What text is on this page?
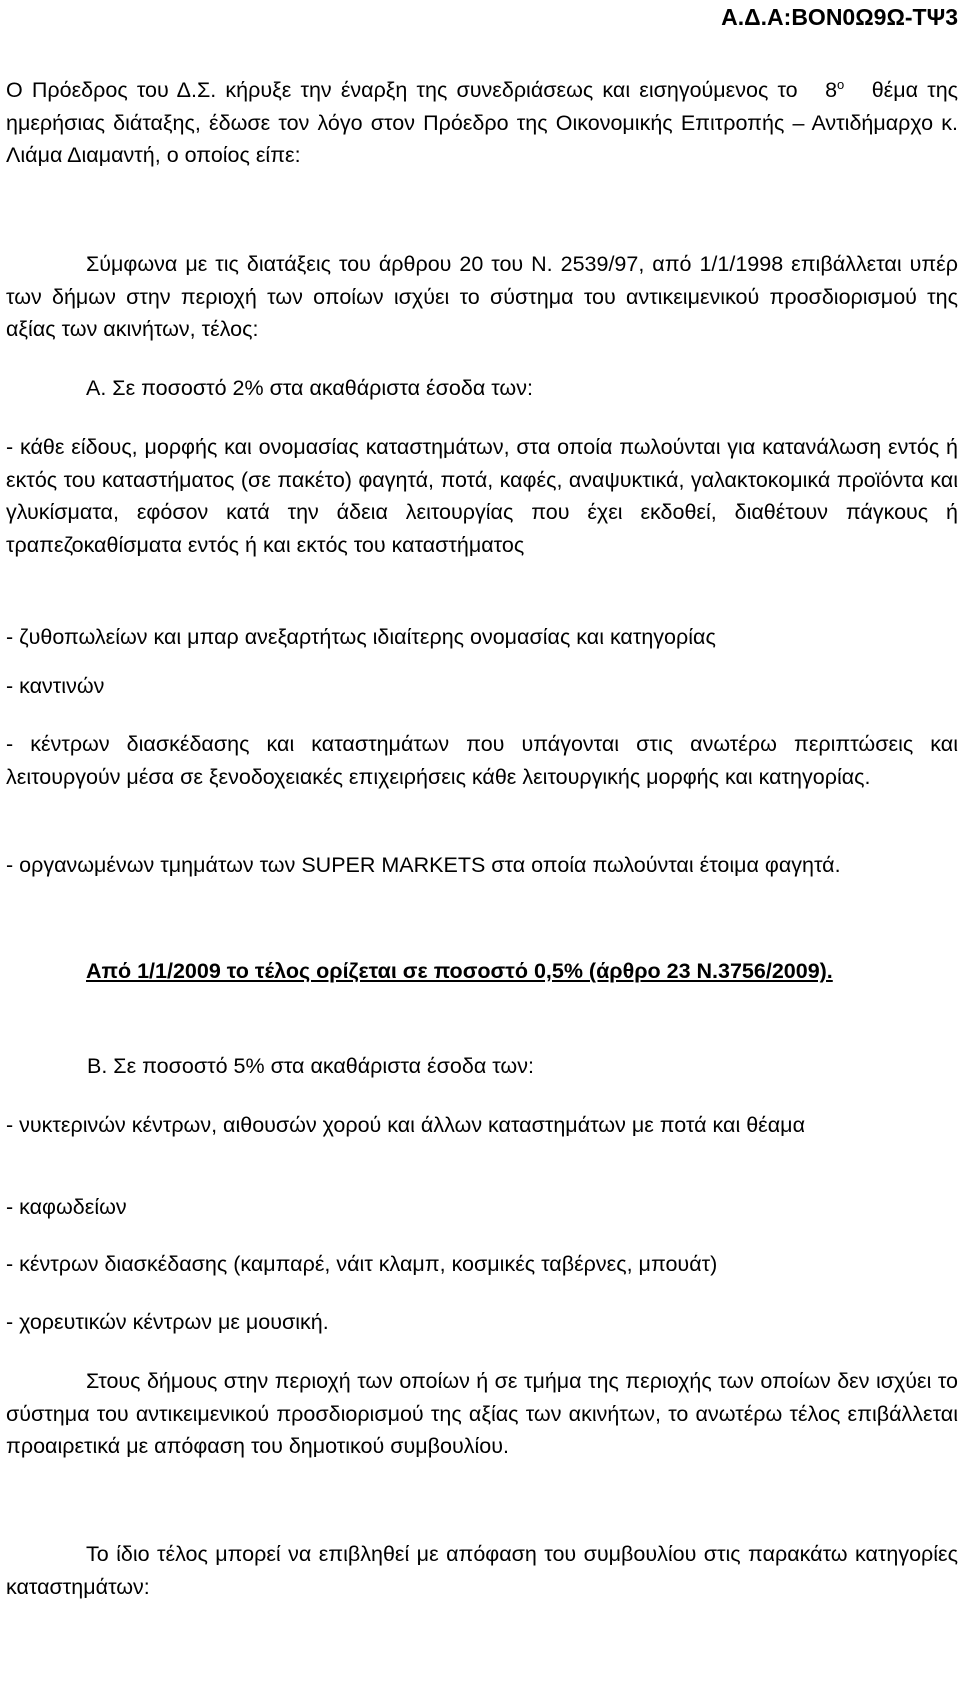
Α.Δ.Α:ΒΟΝ0Ω9Ω-ΤΨ3

Ο Πρόεδρος του Δ.Σ. κήρυξε την έναρξη της συνεδριάσεως και εισηγούμενος το $8^o$ θέμα της ημερήσιας διάταξης, έδωσε τον λόγο στον Πρόεδρο της Οικονομικής Επιτροπής – Αντιδήμαρχο κ. Λιάμα Διαμαντή, ο οποίος είπε:

Σύμφωνα με τις διατάξεις του άρθρου 20 του Ν. 2539/97, από 1/1/1998 επιβάλλεται υπέρ των δήμων στην περιοχή των οποίων ισχύει το σύστημα του αντικειμενικού προσδιορισμού της αξίας των ακινήτων, τέλος:

Α. Σε ποσοστό 2% στα ακαθάριστα έσοδα των:

- κάθε είδους, μορφής και ονομασίας καταστημάτων, στα οποία πωλούνται για κατανάλωση εντός ή εκτός του καταστήματος (σε πακέτο) φαγητά, ποτά, καφές, αναψυκτικά, γαλακτοκομικά προϊόντα και γλυκίσματα, εφόσον κατά την άδεια λειτουργίας που έχει εκδοθεί, διαθέτουν πάγκους ή τραπεζοκαθίσματα εντός ή και εκτός του καταστήματος

- ζυθοπωλείων και μπαρ ανεξαρτήτως ιδιαίτερης ονομασίας και κατηγορίας

- καντινών

- κέντρων διασκέδασης και καταστημάτων που υπάγονται στις ανωτέρω περιπτώσεις και λειτουργούν μέσα σε ξενοδοχειακές επιχειρήσεις κάθε λειτουργικής μορφής και κατηγορίας.

- οργανωμένων τμημάτων των SUPER MARKETS στα οποία πωλούνται έτοιμα φαγητά.

Από 1/1/2009 το τέλος ορίζεται σε ποσοστό 0,5% (άρθρο 23 Ν.3756/2009).

Β. Σε ποσοστό 5% στα ακαθάριστα έσοδα των:

- νυκτερινών κέντρων, αιθουσών χορού και άλλων καταστημάτων με ποτά και θέαμα

- καφωδείων

- κέντρων διασκέδασης (καμπαρέ, νάιτ κλαμπ, κοσμικές ταβέρνες, μπουάτ)

- χορευτικών κέντρων με μουσική.

Στους δήμους στην περιοχή των οποίων ή σε τμήμα της περιοχής των οποίων δεν ισχύει το σύστημα του αντικειμενικού προσδιορισμού της αξίας των ακινήτων, το ανωτέρω τέλος επιβάλλεται προαιρετικά με απόφαση του δημοτικού συμβουλίου.

Το ίδιο τέλος μπορεί να επιβληθεί με απόφαση του συμβουλίου στις παρακάτω κατηγορίες καταστημάτων:
